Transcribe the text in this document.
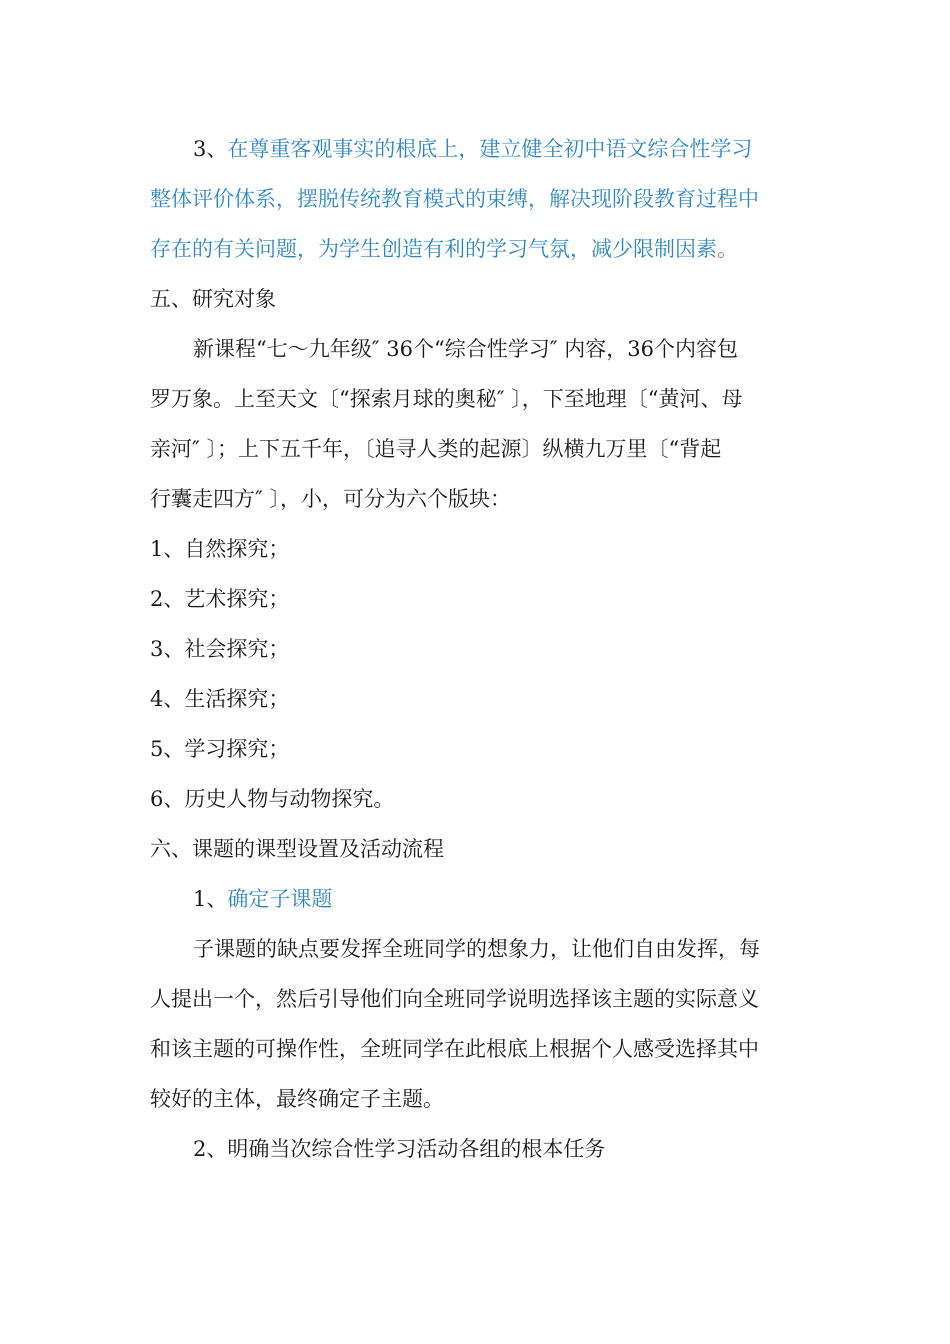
3、在尊重客观事实的根底上，建立健全初中语文综合性学习

整体评价体系，摆脱传统教育模式的束缚，解决现阶段教育过程中

存在的有关问题，为学生创造有利的学习气氛，减少限制因素。

五、研究对象

新课程“七～九年级″ 36个“综合性学习″ 内容，36个内容包

罗万象。上至天文〔“探索月球的奥秘″ 〕，下至地理〔“黄河、母

亲河″ 〕；上下五千年，〔追寻人类的起源〕纵横九万里〔“背起

行囊走四方″ 〕，小，可分为六个版块：

1、自然探究；

2、艺术探究；

3、社会探究；

4、生活探究；

5、学习探究；

6、历史人物与动物探究。

六、课题的课型设置及活动流程

1、确定子课题

子课题的缺点要发挥全班同学的想象力，让他们自由发挥，每

人提出一个，然后引导他们向全班同学说明选择该主题的实际意义

和该主题的可操作性，全班同学在此根底上根据个人感受选择其中

较好的主体，最终确定子主题。

2、明确当次综合性学习活动各组的根本任务
